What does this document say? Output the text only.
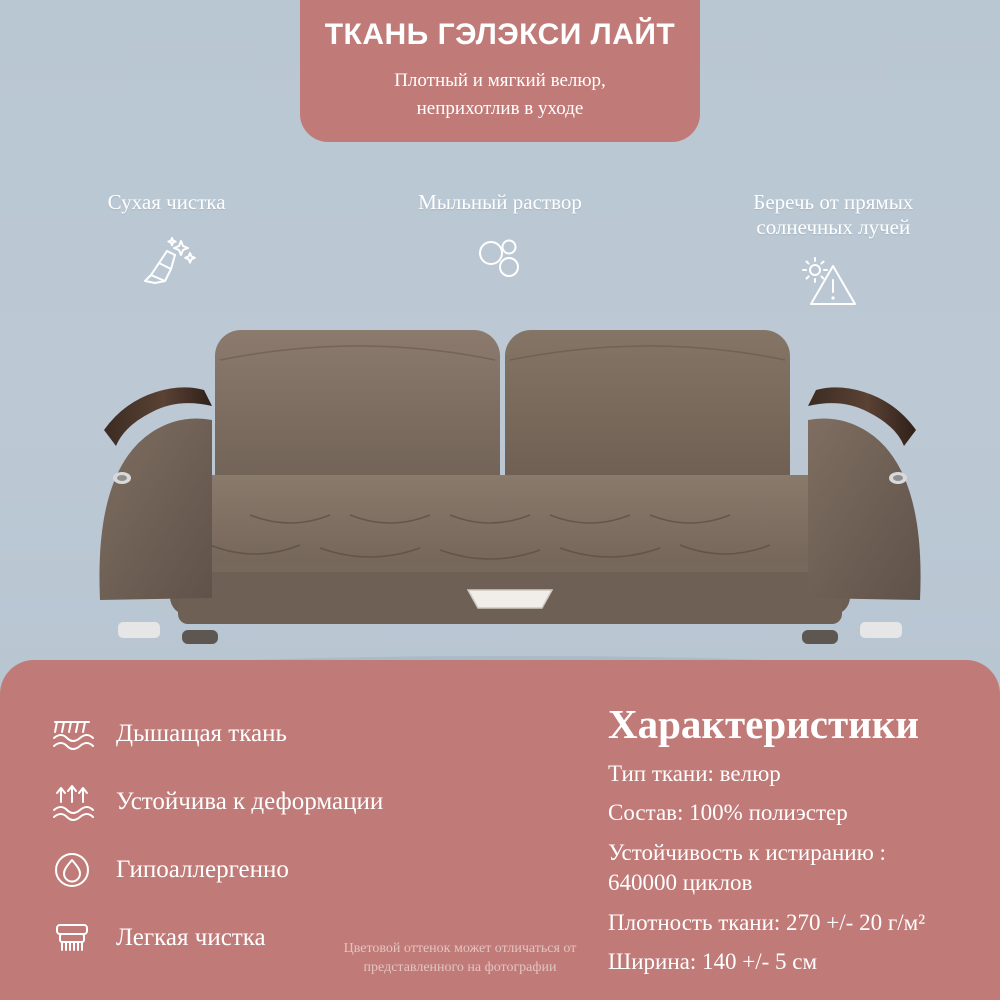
ТКАНЬ ГЭЛЭКСИ ЛАЙТ
Плотный и мягкий велюр,
неприхотлив в уходе
Сухая чистка	Мыльный раствор	Беречь от прямых
солнечных лучей
Дышащая ткань
Устойчива к деформации
Гипоаллергенно
Легкая чистка
Характеристики
Тип ткани: велюр
Состав: 100% полиэстер
Устойчивость к истиранию :
640000 циклов
Плотность ткани: 270 +/- 20 г/м²
Ширина: 140 +/- 5 см
Цветовой оттенок может отличаться от
представленного на фотографии
